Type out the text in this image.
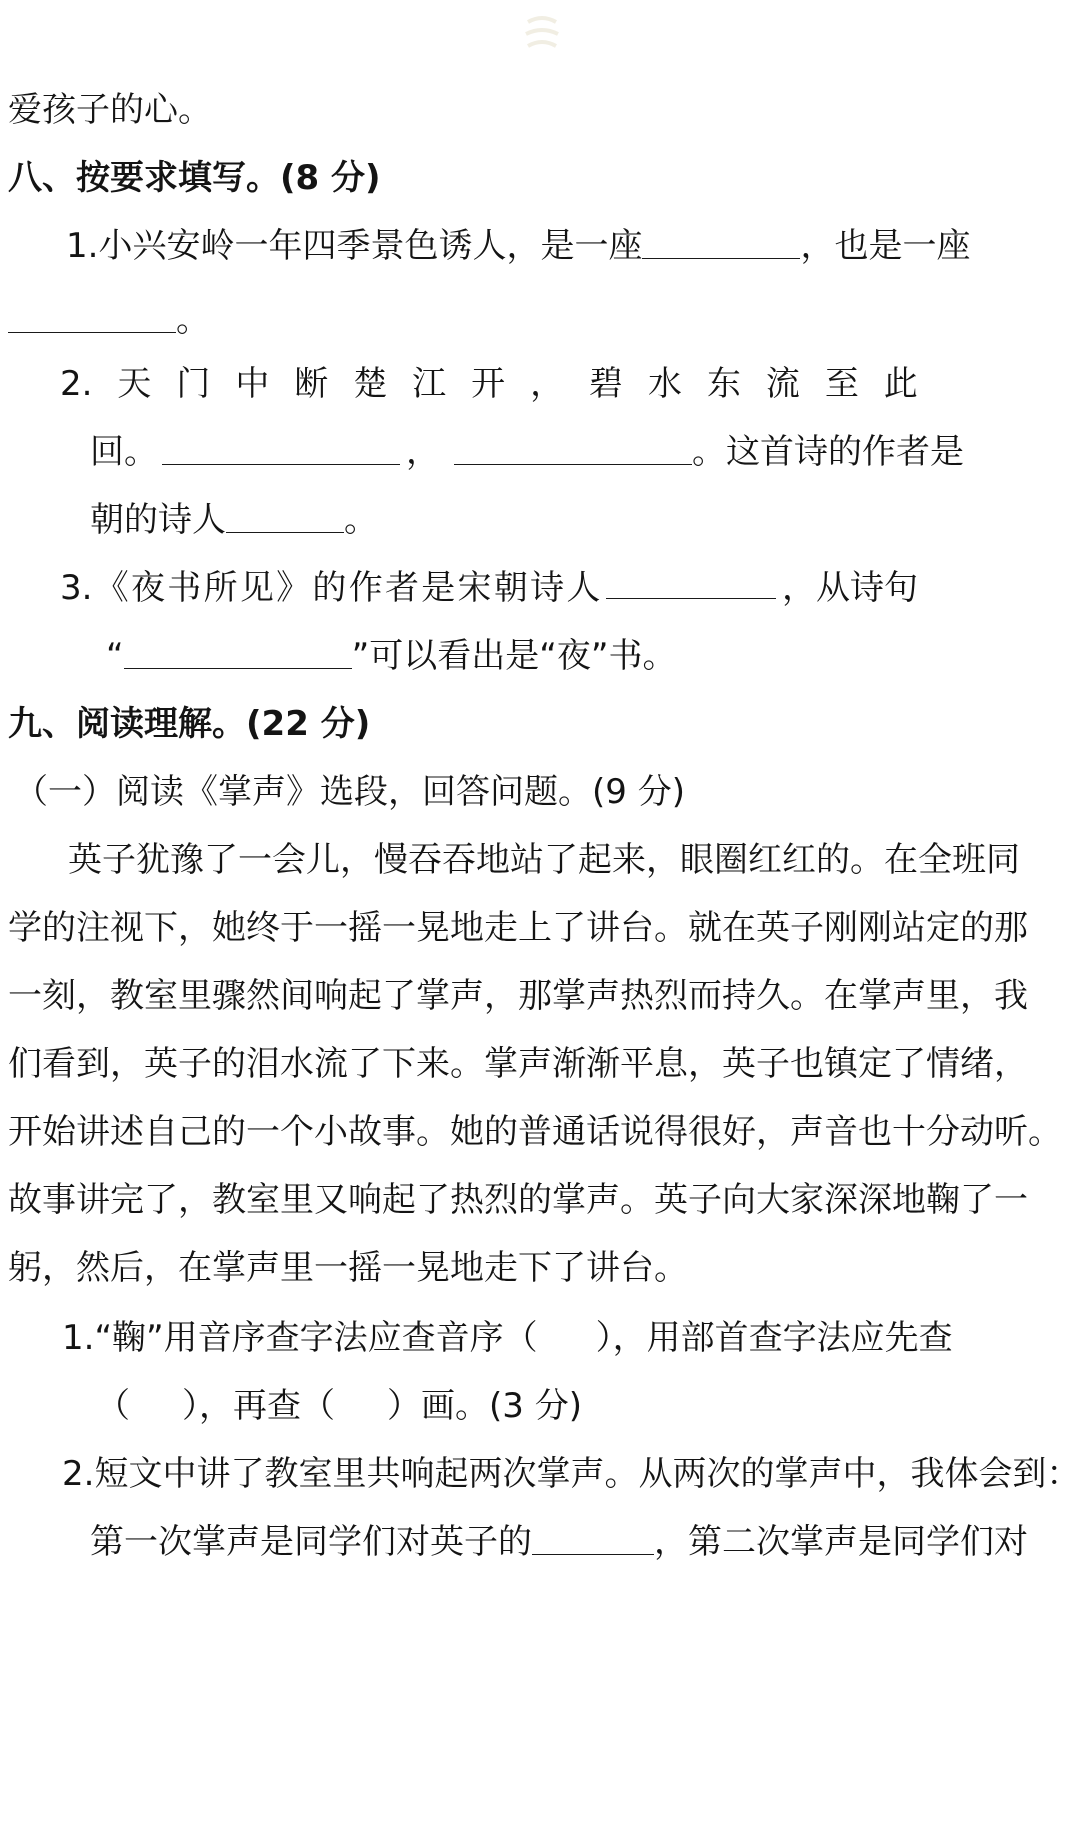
爱孩子的心。
八、按要求填写。(8 分)
1.小兴安岭一年四季景色诱人，是一座	，也是一座
。
2. 天 门 中 断 楚 江 开 ， 碧 水 东 流 至 此
回。	，	。这首诗的作者是
朝的诗人	。
3. 《 夜 书 所 见 》 的 作 者 是 宋 朝 诗 人	， 从 诗 句
“	”可以看出是“夜”书。
九、阅读理解。(22 分)
（一）阅读《掌声》选段，回答问题。(9 分)
英子犹豫了一会儿，慢吞吞地站了起来，眼圈红红的。在全班同
学的注视下，她终于一摇一晃地走上了讲台。就在英子刚刚站定的那
一刻，教室里骤然间响起了掌声，那掌声热烈而持久。在掌声里，我
们看到，英子的泪水流了下来。掌声渐渐平息，英子也镇定了情绪，
开始讲述自己的一个小故事。她的普通话说得很好，声音也十分动听。
故事讲完了，教室里又响起了热烈的掌声。英子向大家深深地鞠了一
躬，然后，在掌声里一摇一晃地走下了讲台。
1.“鞠”用音序查字法应查音序（ ），用部首查字法应先查
（ ），再查（ ）画。(3 分)
2.短文中讲了教室里共响起两次掌声。从两次的掌声中，我体会到：
第一次掌声是同学们对英子的	，第二次掌声是同学们对
